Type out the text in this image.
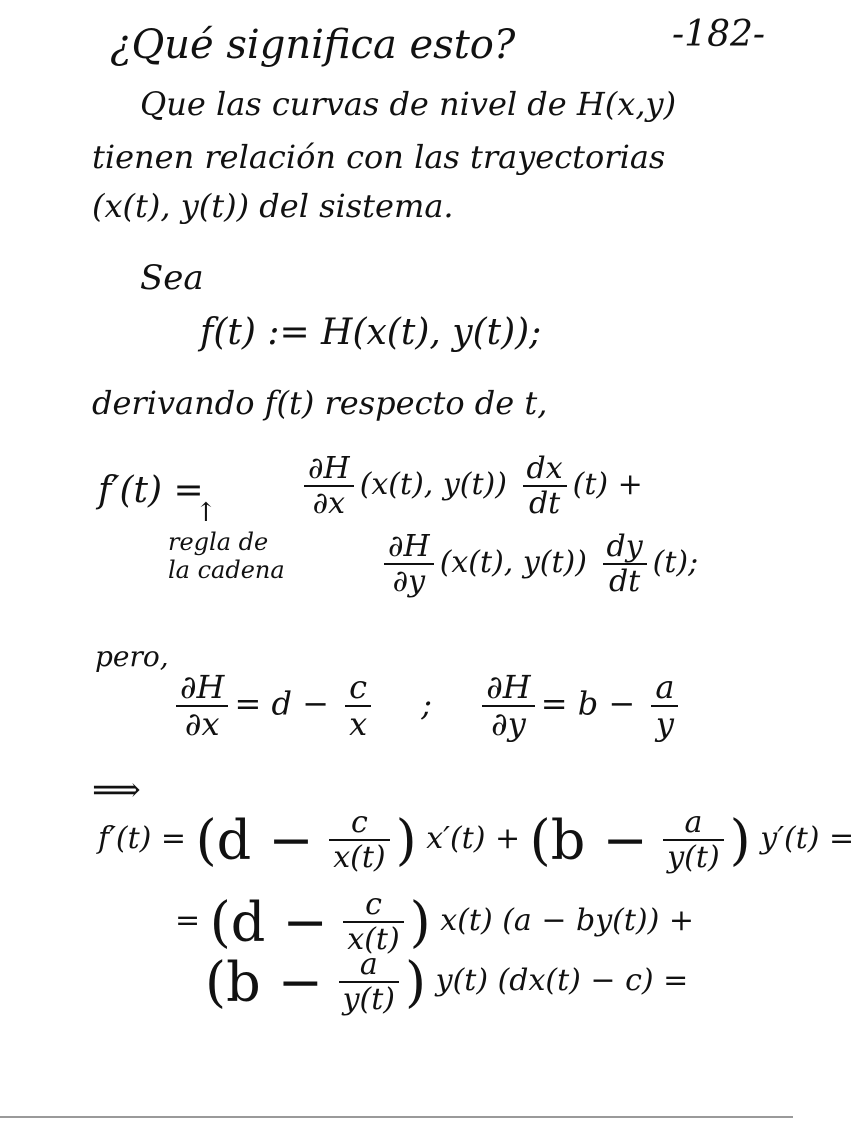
¿Qué significa esto?	-182-
Que las curvas de nivel de H(x,y)
tienen relación con las trayectorias
(x(t), y(t)) del sistema.
Sea
f(t) := H(x(t), y(t));
derivando f(t) respecto de t,
f′(t) =	$\frac{\partial H}{\partial x} (x(t)$, $y(t)) \frac{dx}{dt} (t)$ +
↑
regla de
la cadena	$\frac{\partial H}{\partial y} (x(t)$, $y(t)) \frac{dy}{dt} (t)$;
pero,
$\frac{\partial H}{\partial x} = d - \frac{c}{x}$ ; $\frac{\partial H}{\partial y} = b - \frac{a}{y}$
⟹
$f'(t) = (d - \frac{c}{x(t)}$ ) $x'(t) + (b - \frac{a}{y(t)}$ ) y′(t) =
= ($d - \frac{c}{x(t)}$ ) x(t) (a − by(t)) +
($b - \frac{a}{y(t)}$ ) y(t) (dx(t) − c) =
